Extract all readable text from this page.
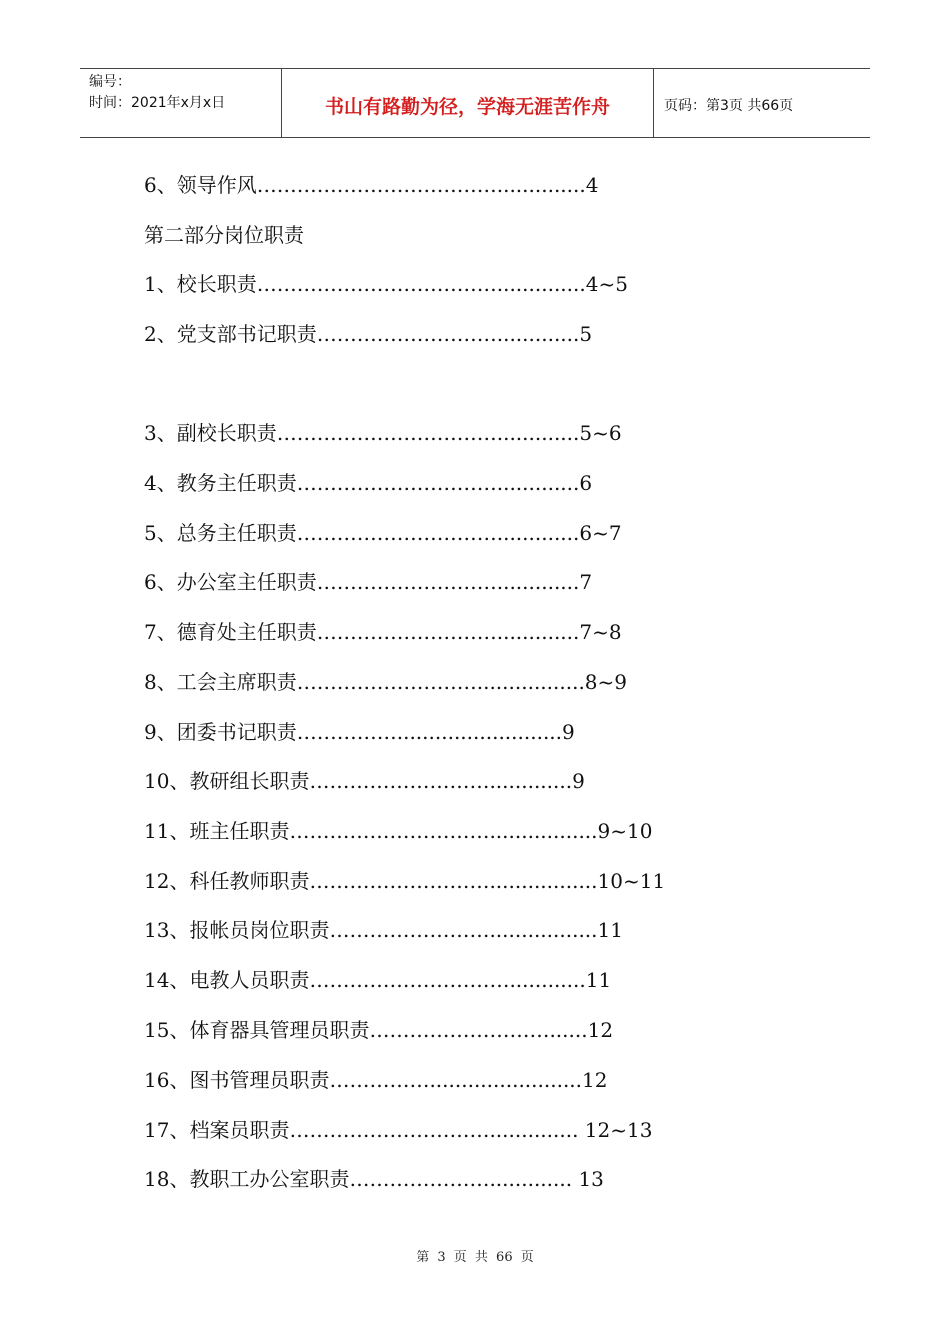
编号：
时间：2021年x月x日	书山有路勤为径，学海无涯苦作舟	页码：第3页 共66页
6、领导作风………………………………..............4
第二部分岗位职责
1、校长职责………………………………..............4~5
2、党支部书记职责……………………….............5
3、副校长职责…………………………….............5~6
4、教务主任职责………………………….............6
5、总务主任职责………………………….............6~7
6、办公室主任职责……………………….............7
7、德育处主任职责……………………….............7~8
8、工会主席职责……………………….................8~9
9、团委书记职责……………..........................9
10、教研组长职责……………………….............9
11、班主任职责………………………….................9~10
12、科任教师职责……………………….................10~11
13、报帐员岗位职责…………………….................11
14、电教人员职责…………………………............11
15、体育器具管理员职责………………………......12
16、图书管理员职责……………........................12
17、档案员职责………………………….............. 12~13
18、教职工办公室职责…………………............. 13
第 3 页 共 66 页
